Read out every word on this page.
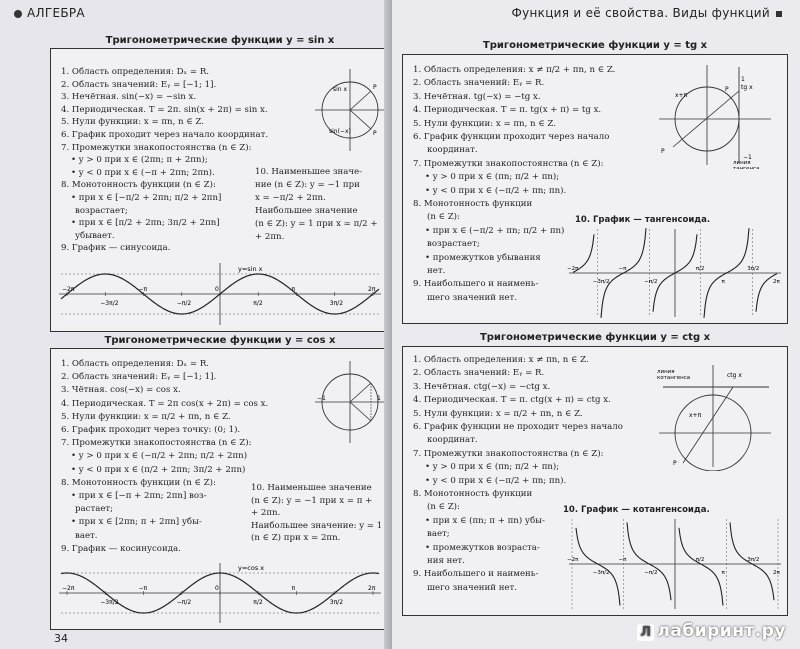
АЛГЕБРА
Тригонометрические функции y = sin x
1. Область определения: Dₓ = R.
2. Область значений: Eᵧ = [−1; 1].
3. Нечётная. sin(−x) = −sin x.
4. Периодическая. T = 2π. sin(x + 2π) = sin x.
5. Нули функции: x = πn, n ∈ Z.
6. График проходит через начало координат.
7. Промежутки знакопостоянства (n ∈ Z):
• y > 0 при x ∈ (2πn; π + 2πn);
• y < 0 при x ∈ (−π + 2πn; 2πn).
8. Монотонность функции (n ∈ Z):
• при x ∈ [−π/2 + 2πn; π/2 + 2πn]
возрастает;
• при x ∈ [π/2 + 2πn; 3π/2 + 2πn]
убывает.
9. График — синусоида.
10. Наименьшее значе-
ние (n ∈ Z): y = −1 при
x = −π/2 + 2πn.
Наибольшее значение
(n ∈ Z): y = 1 при x = π/2 +
+ 2πn.
sin x
sin(−x)
P
P
−2π
−3π/2
−π
−π/2
0
π/2
π
3π/2
2π
y=sin x
Тригонометрические функции y = cos x
1. Область определения: Dₓ = R.
2. Область значений: Eᵧ = [−1; 1].
3. Чётная. cos(−x) = cos x.
4. Периодическая. T = 2π cos(x + 2π) = cos x.
5. Нули функции: x = π/2 + πn, n ∈ Z.
6. График проходит через точку: (0; 1).
7. Промежутки знакопостоянства (n ∈ Z):
• y > 0 при x ∈ (−π/2 + 2πn; π/2 + 2πn)
• y < 0 при x ∈ (π/2 + 2πn; 3π/2 + 2πn)
8. Монотонность функции (n ∈ Z):
• при x ∈ [−π + 2πn; 2πn] воз-
растает;
• при x ∈ [2πn; π + 2πn] убы-
вает.
9. График — косинусоида.
10. Наименьшее значение
(n ∈ Z): y = −1 при x = π +
+ 2πn.
Наибольшее значение: y = 1
(n ∈ Z) при x = 2πn.
−1	1
−2π
−3π/2
−π
−π/2
0
π/2
π
3π/2
2π
y=cos x
34
Функция и её свойства. Виды функций
Тригонометрические функции y = tg x
1. Область определения: x ≠ π/2 + πn, n ∈ Z.
2. Область значений: Eᵧ = R.
3. Нечётная. tg(−x) = −tg x.
4. Периодическая. T = π. tg(x + π) = tg x.
5. Нули функции: x = πn, n ∈ Z.
6. График функции проходит через начало
координат.
7. Промежутки знакопостоянства (n ∈ Z):
• y > 0 при x ∈ (πn; π/2 + πn);
• y < 0 при x ∈ (−π/2 + πn; πn).
8. Монотонность функции
(n ∈ Z):
• при x ∈ (−π/2 + πn; π/2 + πn)
возрастает;
• промежутков убывания
нет.
9. Наибольшего и наимень-
шего значений нет.
tg x
1
−1
x+π
P
P
линия
тангенса
10. График — тангенсоида.
−2π
−3π/2
−π
−π/2
π/2
π
3π/2
2π
Тригонометрические функции y = ctg x
1. Область определения: x ≠ πn, n ∈ Z.
2. Область значений: Eᵧ = R.
3. Нечётная. ctg(−x) = −ctg x.
4. Периодическая. T = π. ctg(x + π) = ctg x.
5. Нули функции: x = π/2 + πn, n ∈ Z.
6. График функции не проходит через начало
координат.
7. Промежутки знакопостоянства (n ∈ Z):
• y > 0 при x ∈ (πn; π/2 + πn);
• y < 0 при x ∈ (−π/2 + πn; πn).
8. Монотонность функции
(n ∈ Z):
• при x ∈ (πn; π + πn) убы-
вает;
• промежутков возраста-
ния нет.
9. Наибольшего и наимень-
шего значений нет.
линия
котангенса	ctg x
x+π
P
10. График — котангенсоида.
−2π
−3π/2
−π
−π/2
π/2
π
3π/2
2π
Л лабиринт.ру
